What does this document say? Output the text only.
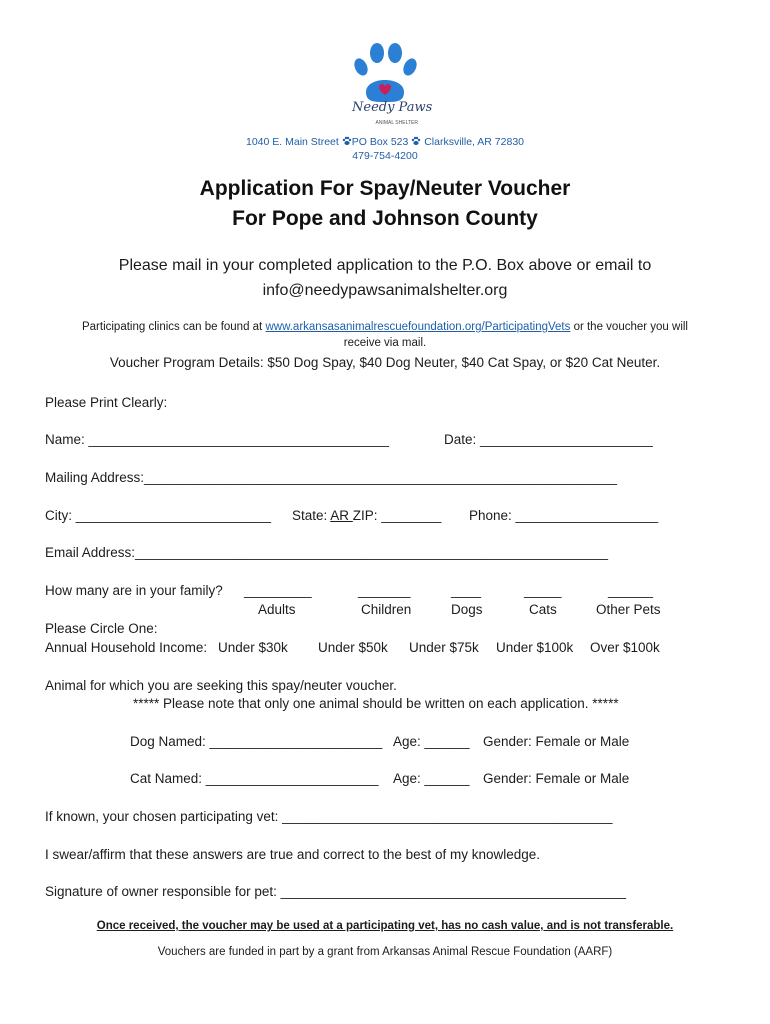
Needy Paws
ANIMAL SHELTER
1040 E. Main Street PO Box 523 Clarksville, AR 72830
479-754-4200
Application For Spay/Neuter Voucher
For Pope and Johnson County
Please mail in your completed application to the P.O. Box above or email to
info@needypawsanimalshelter.org
Participating clinics can be found at www.arkansasanimalrescuefoundation.org/ParticipatingVets or the voucher you will
receive via mail.
Voucher Program Details: $50 Dog Spay, $40 Dog Neuter, $40 Cat Spay, or $20 Cat Neuter.
Please Print Clearly:
Name: ________________________________________	Date: _______________________
Mailing Address:_______________________________________________________________
City: __________________________ State: AR ZIP: ________ Phone: ___________________
Email Address:_______________________________________________________________
How many are in your family? _________	_______	____	_____	______
Adults	Children	Dogs	Cats	Other Pets
Please Circle One:
Annual Household Income: Under $30k Under $50k Under $75k Under $100k Over $100k
Animal for which you are seeking this spay/neuter voucher.
***** Please note that only one animal should be written on each application. *****
Dog Named: _______________________ Age: ______ Gender: Female or Male
Cat Named: _______________________ Age: ______ Gender: Female or Male
If known, your chosen participating vet: ____________________________________________
I swear/affirm that these answers are true and correct to the best of my knowledge.
Signature of owner responsible for pet: ______________________________________________
Once received, the voucher may be used at a participating vet, has no cash value, and is not transferable.
Vouchers are funded in part by a grant from Arkansas Animal Rescue Foundation (AARF)
